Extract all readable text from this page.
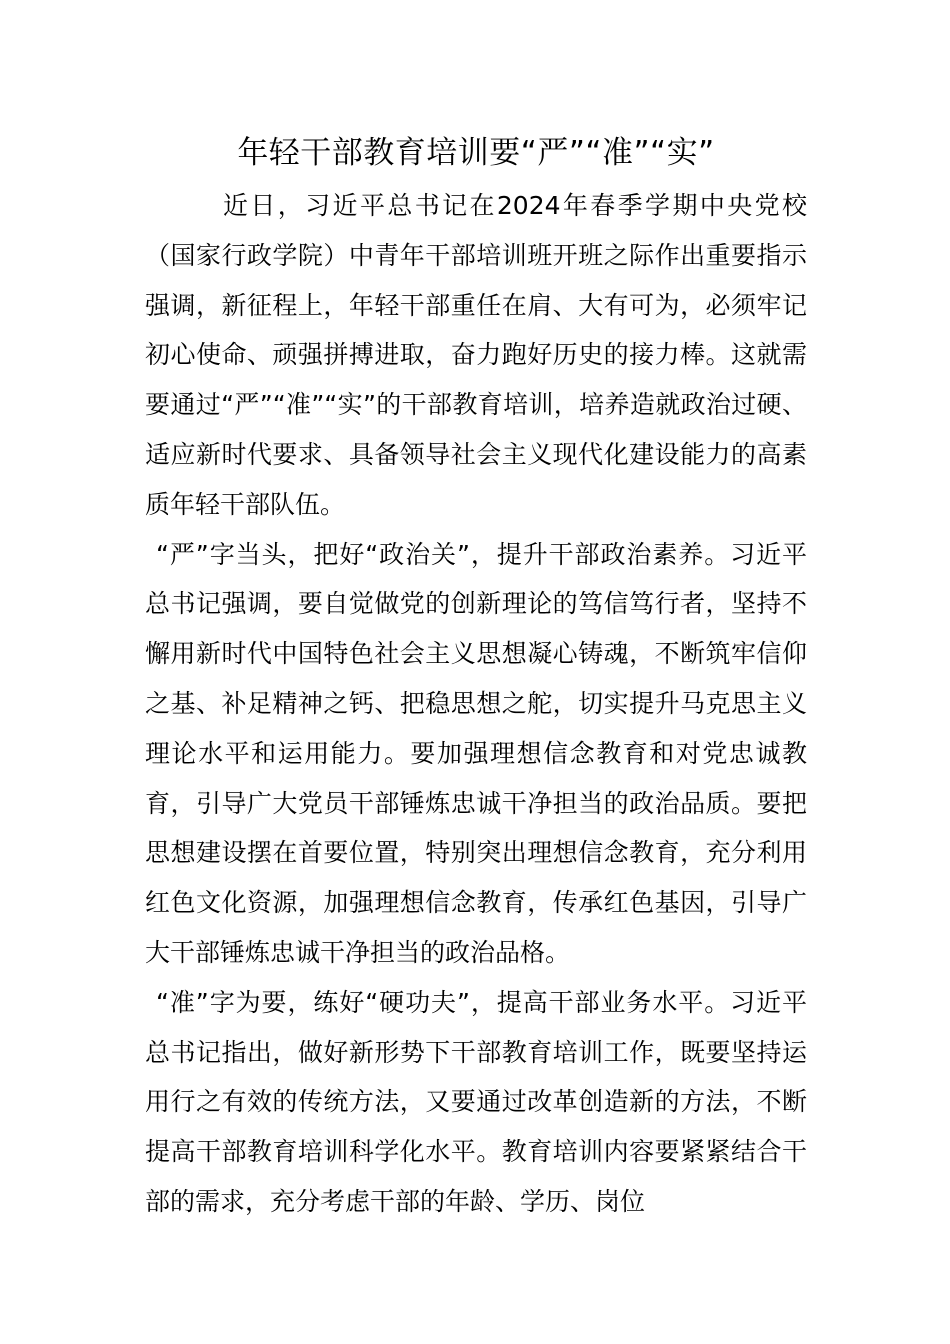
年轻干部教育培训要“严”“准”“实”

近日，习近平总书记在2024年春季学期中央党校（国家行政学院）中青年干部培训班开班之际作出重要指示强调，新征程上，年轻干部重任在肩、大有可为，必须牢记初心使命、顽强拼搏进取，奋力跑好历史的接力棒。这就需要通过“严”“准”“实”的干部教育培训，培养造就政治过硬、适应新时代要求、具备领导社会主义现代化建设能力的高素质年轻干部队伍。

“严”字当头，把好“政治关”，提升干部政治素养。习近平总书记强调，要自觉做党的创新理论的笃信笃行者，坚持不懈用新时代中国特色社会主义思想凝心铸魂，不断筑牢信仰之基、补足精神之钙、把稳思想之舵，切实提升马克思主义理论水平和运用能力。要加强理想信念教育和对党忠诚教育，引导广大党员干部锤炼忠诚干净担当的政治品质。要把思想建设摆在首要位置，特别突出理想信念教育，充分利用红色文化资源，加强理想信念教育，传承红色基因，引导广大干部锤炼忠诚干净担当的政治品格。

“准”字为要，练好“硬功夫”，提高干部业务水平。习近平总书记指出，做好新形势下干部教育培训工作，既要坚持运用行之有效的传统方法，又要通过改革创造新的方法，不断提高干部教育培训科学化水平。教育培训内容要紧紧结合干部的需求，充分考虑干部的年龄、学历、岗位
